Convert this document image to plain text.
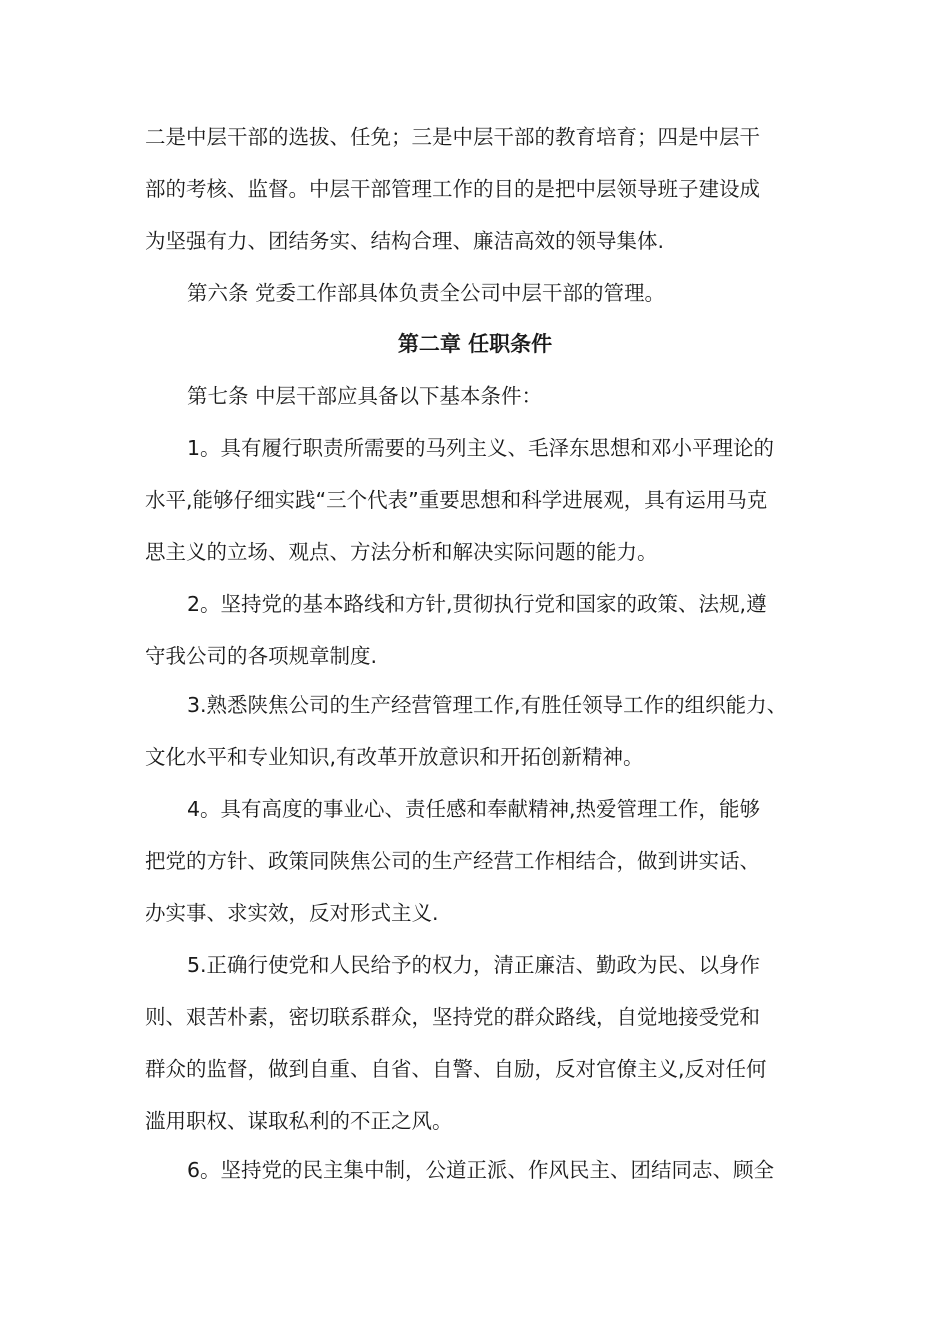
二是中层干部的选拔、任免；三是中层干部的教育培育；四是中层干
部的考核、监督。中层干部管理工作的目的是把中层领导班子建设成
为坚强有力、团结务实、结构合理、廉洁高效的领导集体.
第六条 党委工作部具体负责全公司中层干部的管理。
第二章 任职条件
第七条 中层干部应具备以下基本条件：
1。具有履行职责所需要的马列主义、毛泽东思想和邓小平理论的
水平,能够仔细实践“三个代表”重要思想和科学进展观，具有运用马克
思主义的立场、观点、方法分析和解决实际问题的能力。
2。坚持党的基本路线和方针,贯彻执行党和国家的政策、法规,遵
守我公司的各项规章制度.
3.熟悉陕焦公司的生产经营管理工作,有胜任领导工作的组织能力、
文化水平和专业知识,有改革开放意识和开拓创新精神。
4。具有高度的事业心、责任感和奉献精神,热爱管理工作，能够
把党的方针、政策同陕焦公司的生产经营工作相结合，做到讲实话、
办实事、求实效，反对形式主义.
5.正确行使党和人民给予的权力，清正廉洁、勤政为民、以身作
则、艰苦朴素，密切联系群众，坚持党的群众路线，自觉地接受党和
群众的监督，做到自重、自省、自警、自励，反对官僚主义,反对任何
滥用职权、谋取私利的不正之风。
6。坚持党的民主集中制，公道正派、作风民主、团结同志、顾全
